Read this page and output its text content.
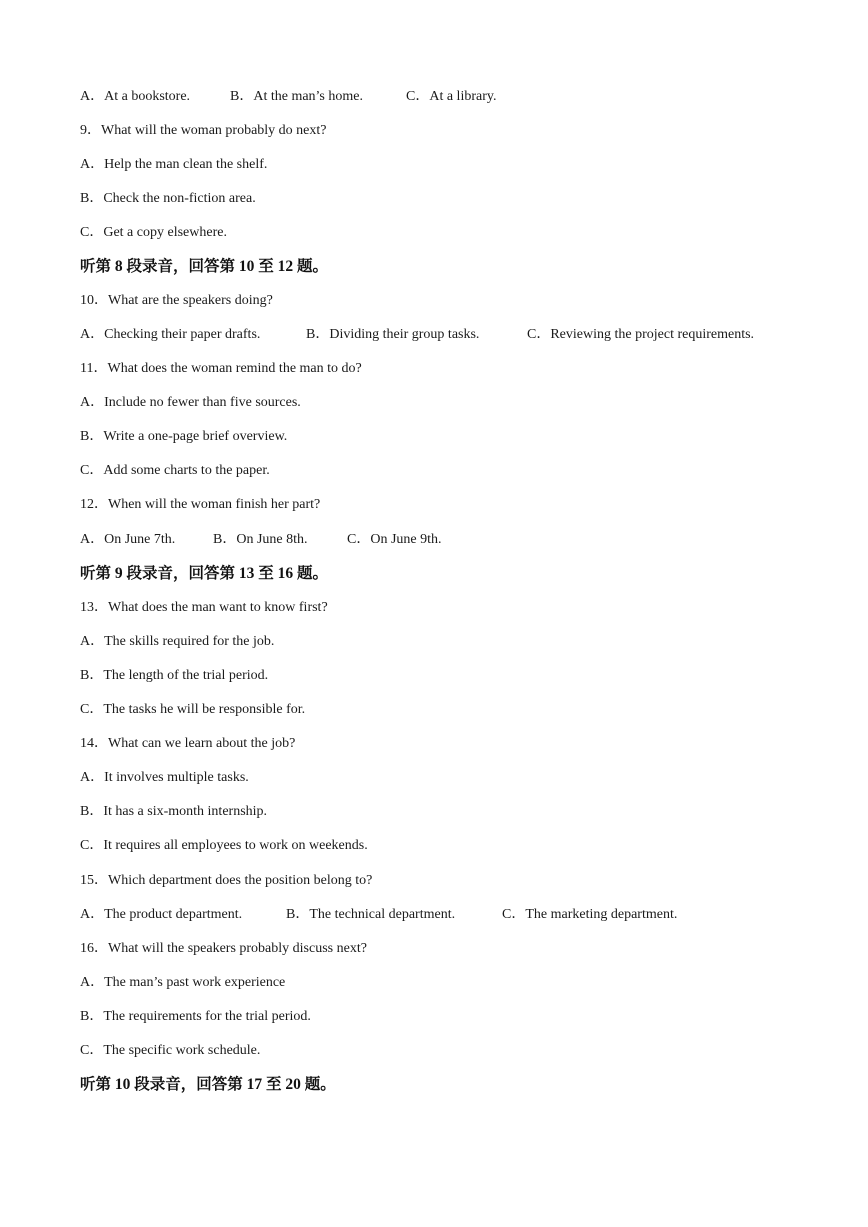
A．At a bookstore.	B．At the man’s home.	C．At a library.
9．What will the woman probably do next?
A．Help the man clean the shelf.
B．Check the non-fiction area.
C．Get a copy elsewhere.
听第 8 段录音，回答第 10 至 12 题。
10．What are the speakers doing?
A．Checking their paper drafts.	B．Dividing their group tasks.	C．Reviewing the project requirements.
11．What does the woman remind the man to do?
A．Include no fewer than five sources.
B．Write a one-page brief overview.
C．Add some charts to the paper.
12．When will the woman finish her part?
A．On June 7th.	B．On June 8th.	C．On June 9th.
听第 9 段录音，回答第 13 至 16 题。
13．What does the man want to know first?
A．The skills required for the job.
B．The length of the trial period.
C．The tasks he will be responsible for.
14．What can we learn about the job?
A．It involves multiple tasks.
B．It has a six-month internship.
C．It requires all employees to work on weekends.
15．Which department does the position belong to?
A．The product department.	B．The technical department.	C．The marketing department.
16．What will the speakers probably discuss next?
A．The man’s past work experience
B．The requirements for the trial period.
C．The specific work schedule.
听第 10 段录音，回答第 17 至 20 题。
